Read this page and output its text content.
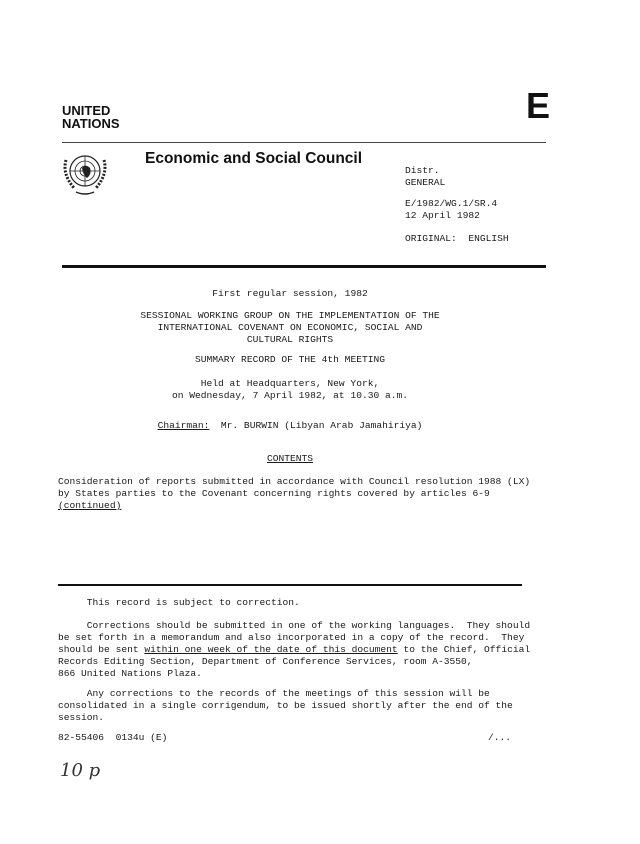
UNITED
NATIONS	E
Economic and Social Council
Distr.
GENERAL
E/1982/WG.1/SR.4
12 April 1982
ORIGINAL:  ENGLISH
First regular session, 1982
SESSIONAL WORKING GROUP ON THE IMPLEMENTATION OF THE
INTERNATIONAL COVENANT ON ECONOMIC, SOCIAL AND
CULTURAL RIGHTS
SUMMARY RECORD OF THE 4th MEETING
Held at Headquarters, New York,
on Wednesday, 7 April 1982, at 10.30 a.m.
Chairman:  Mr. BURWIN (Libyan Arab Jamahiriya)
CONTENTS
Consideration of reports submitted in accordance with Council resolution 1988 (LX)
by States parties to the Covenant concerning rights covered by articles 6-9
(continued)
This record is subject to correction.
Corrections should be submitted in one of the working languages.  They should
be set forth in a memorandum and also incorporated in a copy of the record.  They
should be sent within one week of the date of this document to the Chief, Official
Records Editing Section, Department of Conference Services, room A-3550,
866 United Nations Plaza.
Any corrections to the records of the meetings of this session will be
consolidated in a single corrigendum, to be issued shortly after the end of the
session.
82-55406  0134u (E)	/...
10 p
